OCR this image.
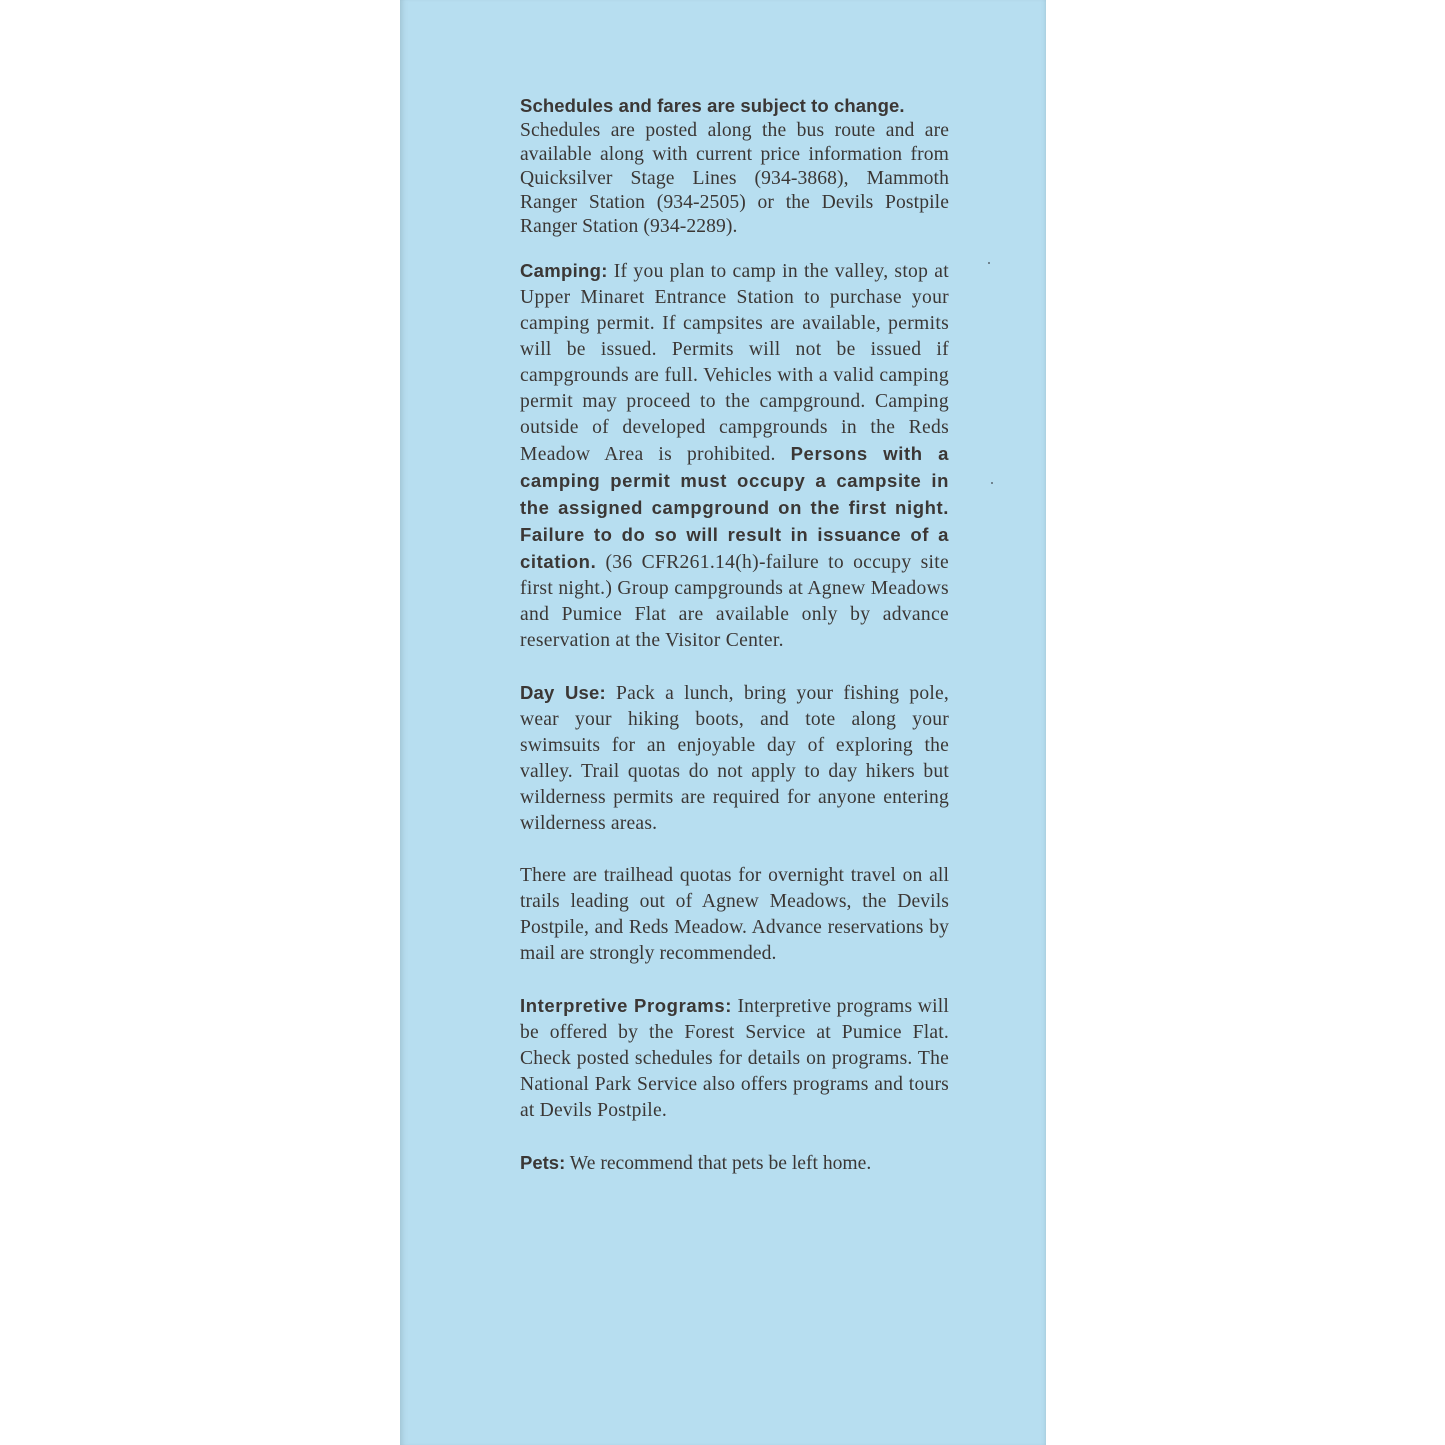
Schedules and fares are subject to change.
Schedules are posted along the bus route and are available along with current price information from Quicksilver Stage Lines (934-3868), Mammoth Ranger Station (934-2505) or the Devils Postpile Ranger Station (934-2289).

Camping: If you plan to camp in the valley, stop at Upper Minaret Entrance Station to purchase your camping permit. If campsites are available, permits will be issued. Permits will not be issued if campgrounds are full. Vehicles with a valid camping permit may proceed to the campground. Camping outside of developed campgrounds in the Reds Meadow Area is prohibited. Persons with a camping permit must occupy a campsite in the assigned campground on the first night. Failure to do so will result in issuance of a citation. (36 CFR261.14(h)-failure to occupy site first night.) Group campgrounds at Agnew Meadows and Pumice Flat are available only by advance reservation at the Visitor Center.

Day Use: Pack a lunch, bring your fishing pole, wear your hiking boots, and tote along your swimsuits for an enjoyable day of exploring the valley. Trail quotas do not apply to day hikers but wilderness permits are required for anyone entering wilderness areas.

There are trailhead quotas for overnight travel on all trails leading out of Agnew Meadows, the Devils Postpile, and Reds Meadow. Advance reservations by mail are strongly recommended.

Interpretive Programs: Interpretive programs will be offered by the Forest Service at Pumice Flat. Check posted schedules for details on programs. The National Park Service also offers programs and tours at Devils Postpile.

Pets: We recommend that pets be left home.
